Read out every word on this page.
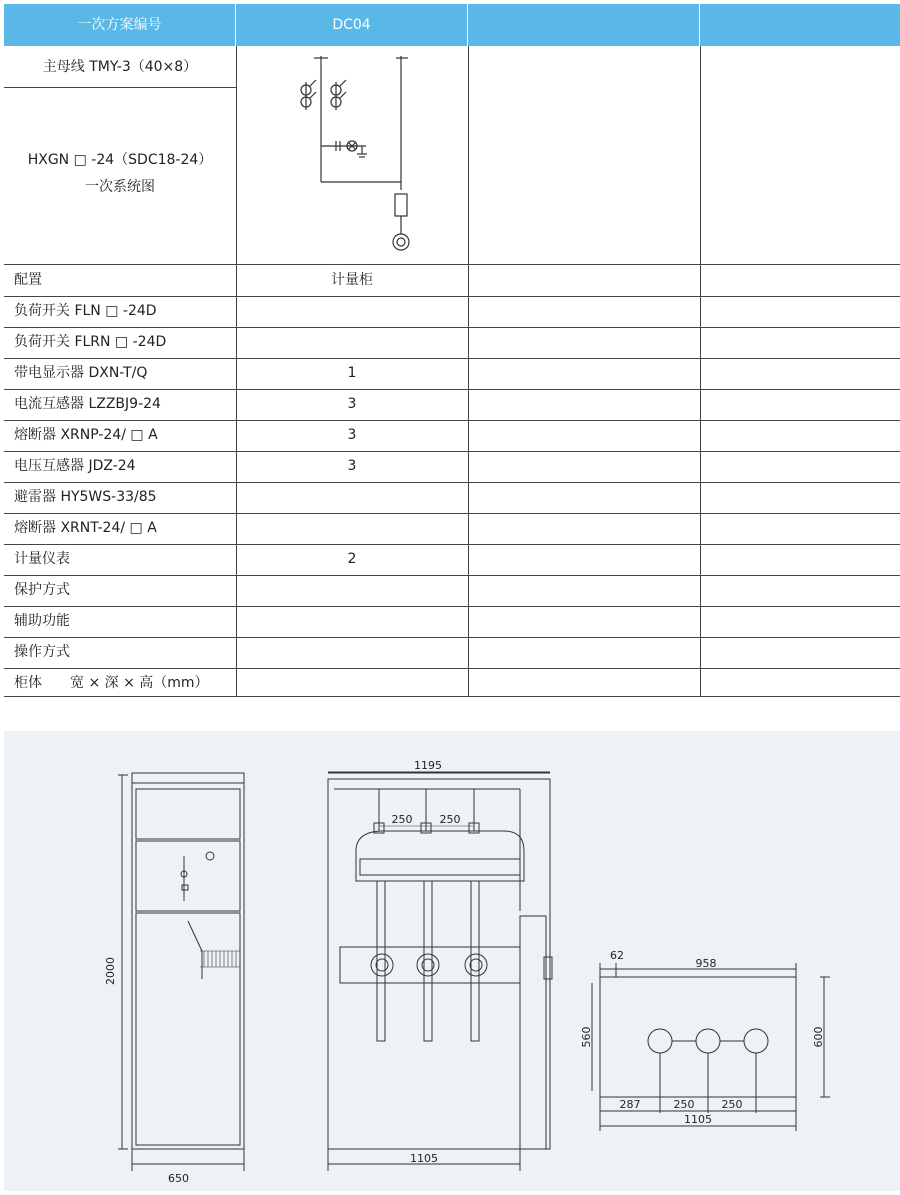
一次方案编号	DC04
主母线 TMY-3（40×8）
HXGN □ -24（SDC18-24）
一次系统图
配置	计量柜
负荷开关 FLN □ -24D
负荷开关 FLRN □ -24D
带电显示器 DXN-T/Q	1
电流互感器 LZZBJ9-24	3
熔断器 XRNP-24/ □ A	3
电压互感器 JDZ-24	3
避雷器 HY5WS-33/85
熔断器 XRNT-24/ □ A
计量仪表	2
保护方式
辅助功能
操作方式
柜体　　宽 × 深 × 高（mm）
650
2000
1195
250 250
1105
62
958
560	600
287	250 250
1105
